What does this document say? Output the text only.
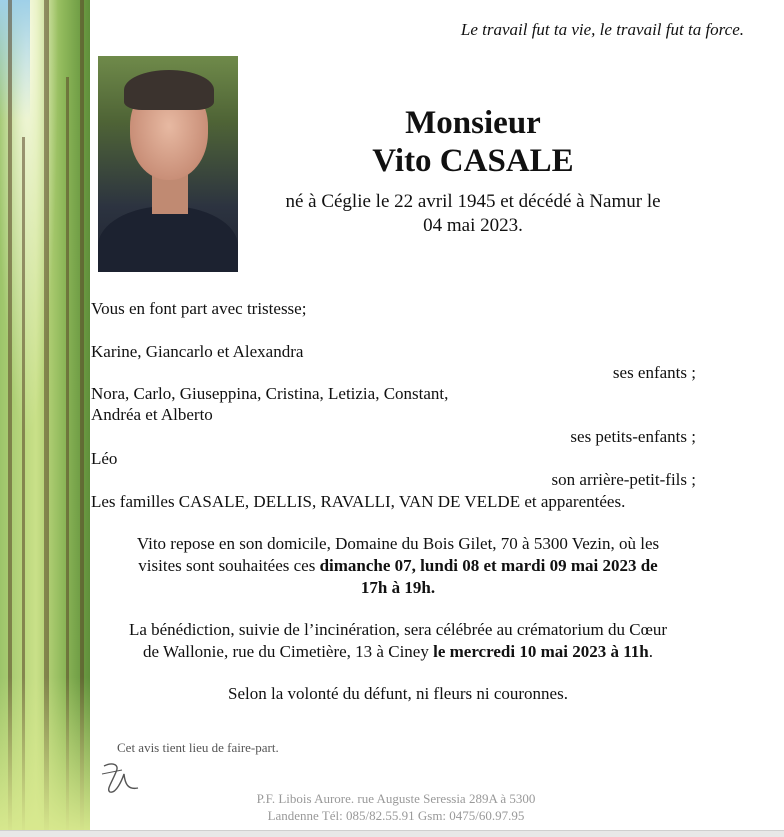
Le travail fut ta vie, le travail fut ta force.
Monsieur
Vito CASALE
né à Céglie le 22 avril 1945 et décédé à Namur le
04 mai 2023.
Vous en font part avec tristesse;
Karine, Giancarlo et Alexandra
ses enfants ;
Nora, Carlo, Giuseppina, Cristina, Letizia, Constant,
Andréa et Alberto
ses petits-enfants ;
Léo
son arrière-petit-fils ;
Les familles CASALE, DELLIS, RAVALLI, VAN DE VELDE et apparentées.
Vito repose en son domicile, Domaine du Bois Gilet, 70 à 5300 Vezin, où les
visites sont souhaitées ces dimanche 07, lundi 08 et mardi 09 mai 2023 de
17h à 19h.
La bénédiction, suivie de l’incinération, sera célébrée au crématorium du Cœur
de Wallonie, rue du Cimetière, 13 à Ciney le mercredi 10 mai 2023 à 11h.
Selon la volonté du défunt, ni fleurs ni couronnes.
Cet avis tient lieu de faire-part.
P.F. Libois Aurore. rue Auguste Seressia 289A à 5300
Landenne Tél: 085/82.55.91 Gsm: 0475/60.97.95
